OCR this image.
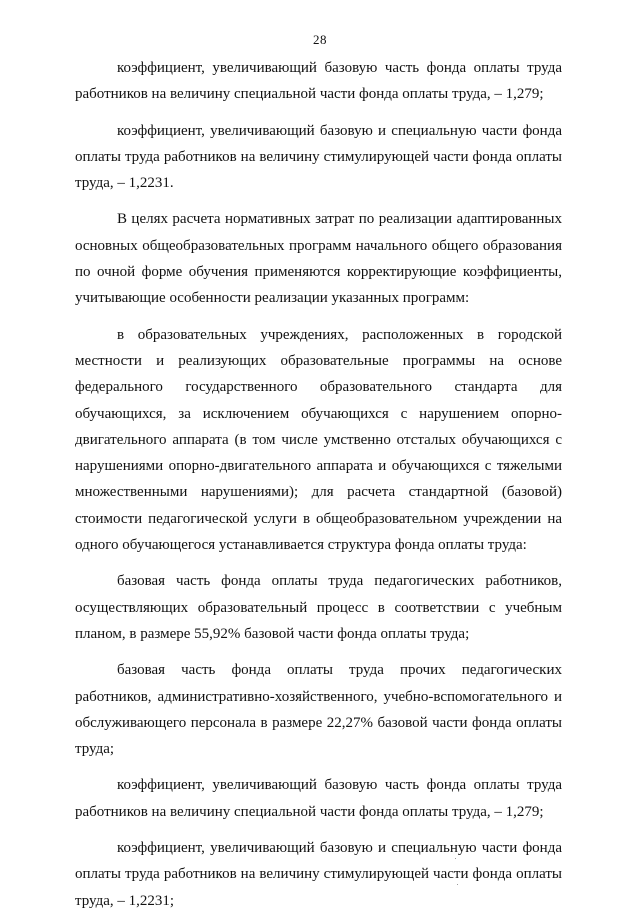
28

коэффициент, увеличивающий базовую часть фонда оплаты труда работников на величину специальной части фонда оплаты труда, – 1,279;

коэффициент, увеличивающий базовую и специальную части фонда оплаты труда работников на величину стимулирующей части фонда оплаты труда, – 1,2231.

В целях расчета нормативных затрат по реализации адаптированных основных общеобразовательных программ начального общего образования по очной форме обучения применяются корректирующие коэффициенты, учитывающие особенности реализации указанных программ:

в образовательных учреждениях, расположенных в городской местности и реализующих образовательные программы на основе федерального государственного образовательного стандарта для обучающихся, за исключением обучающихся с нарушением опорно-двигательного аппарата (в том числе умственно отсталых обучающихся с нарушениями опорно-двигательного аппарата и обучающихся с тяжелыми множественными нарушениями); для расчета стандартной (базовой) стоимости педагогической услуги в общеобразовательном учреждении на одного обучающегося устанавливается структура фонда оплаты труда:

базовая часть фонда оплаты труда педагогических работников, осуществляющих образовательный процесс в соответствии с учебным планом, в размере 55,92% базовой части фонда оплаты труда;

базовая часть фонда оплаты труда прочих педагогических работников, административно-хозяйственного, учебно-вспомогательного и обслуживающего персонала в размере 22,27% базовой части фонда оплаты труда;

коэффициент, увеличивающий базовую часть фонда оплаты труда работников на величину специальной части фонда оплаты труда, – 1,279;

коэффициент, увеличивающий базовую и специальную части фонда оплаты труда работников на величину стимулирующей части фонда оплаты труда, – 1,2231;
